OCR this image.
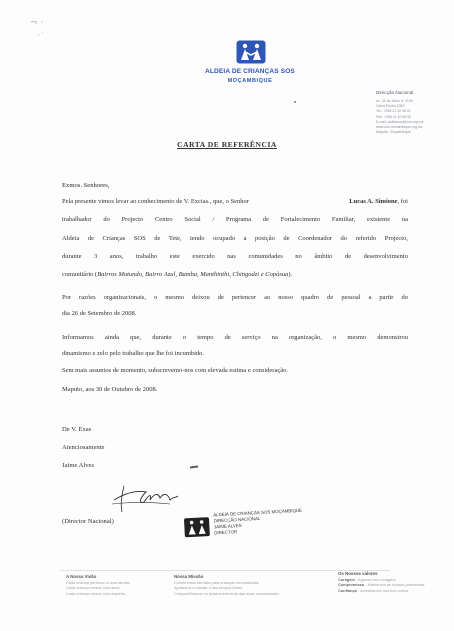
¬ ·
, ·
ALDEIA DE CRIANÇAS SOS
MOÇAMBIQUE
Direcção Nacional
Av. 24 de Julho nº 2150
Caixa Postal 2082
Tel.: +258 21 40 98 01
Fax: +258 21 40 98 00
E-mail: aldeiasos@sos.org.mz
www.sos-mocambique.org.mz
Maputo - Moçambique
CARTA DE REFERÊNCIA
Exmos. Senhores,
Pela presente vimos levar ao conhecimento de V. Excias., que, o Senhor	Lucas A. Simione, foi
trabalhador do Projecto Centro Social / Programa de Fortalecimento Familiar, existente na
Aldeia de Crianças SOS de Tete, tendo ocupado a posição de Coordenador do referido Projecto,
durante 3 anos, trabalho este exercido nas comunidades no âmbito de desenvolvimento
comunitário (Bairros Matundo, Bairro Azul, Bamba, Manthinthi, Chingodzi e Copàsua).
Por razões organizacionais, o mesmo deixou de pertencer ao nosso quadro de pessoal a partir do
dia 26 de Setembro de 2008.
Informamos ainda que, durante o tempo de serviço na organização, o mesmo demonstrou
dinamismo e zelo pelo trabalho que lhe foi incumbido.
Sem mais assuntos de momento, subscrevemo-nos com elevada estima e consideração.
Maputo, aos 30 de Outubro de 2008.
De V. Exas
Atenciosamente
Jaime Alves
(Director Nacional)
ALDEIA DE CRIANÇAS SOS MOÇAMBIQUE
DIRECÇÃO NACIONAL
JAIME ALVES
DIRECTOR
A Nossa Visão
Cada criança pertence a uma família
Cada criança cresce com amor
Cada criança cresce com respeito
Nossa Missão
Construímos famílias para crianças necessitadas
Ajudamos a moldar o seu próprio futuro
Compartilhamos no desenvolvimento das suas comunidades
Os Nossos valores
Coragem - Agimos com coragem
Compromisso - Mantemos as nossas promessas
Confiança - Acreditamos uns nos outros
